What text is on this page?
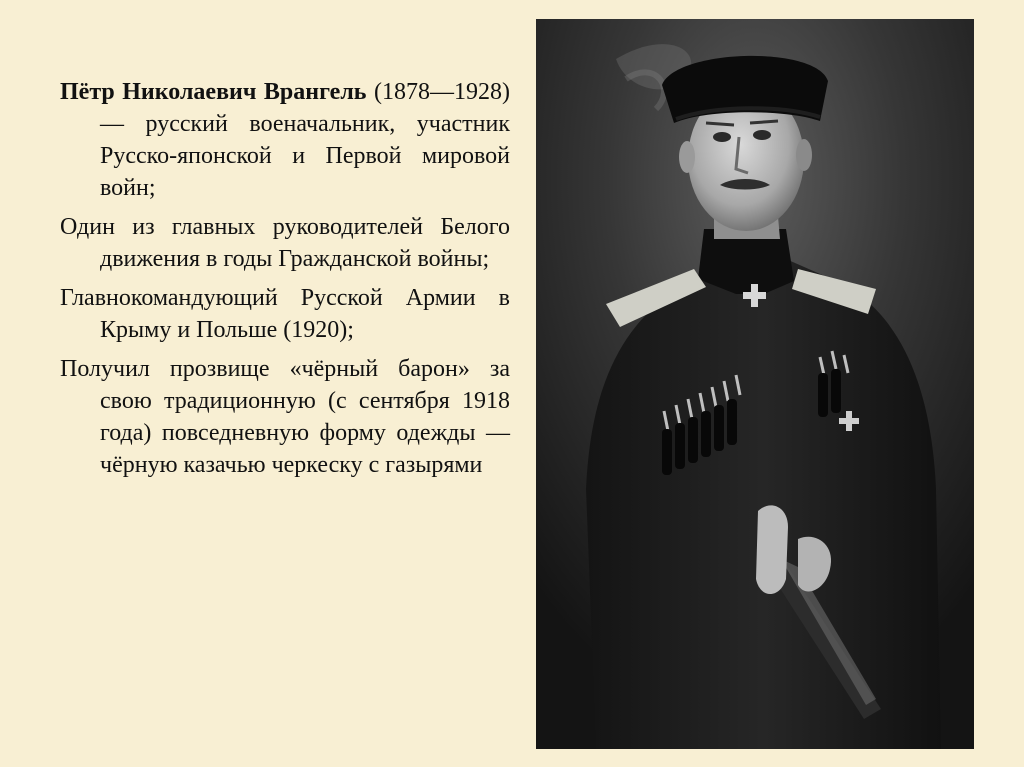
Пётр Николаевич Врангель (1878—1928) — русский военачальник, участник Русско-японской и Первой мировой войн;

Один из главных руководителей Белого движения в годы Гражданской войны;

Главнокомандующий Русской Армии в Крыму и Польше (1920);

Получил прозвище «чёрный барон» за свою традиционную (с сентября 1918 года) повседневную форму одежды — чёрную казачью черкеску с газырями
